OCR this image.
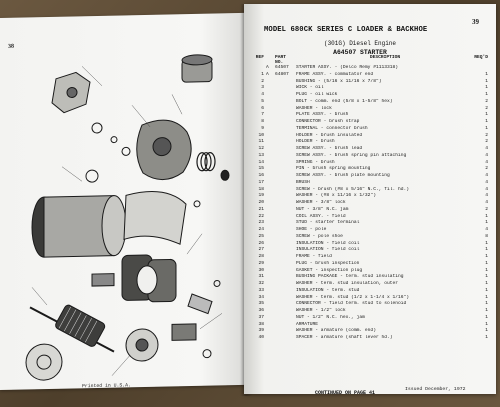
38
Printed in U.S.A.
MODEL 680CK SERIES C LOADER & BACKHOE
39
(301G) Diesel Engine
A64507 STARTER
REF	PART NO.
DESCRIPTION	REQ'D
A	64507	STARTER ASSY. - (Delco Remy #1113318)
1 A	64807	FRAME ASSY. - commutator end	1
2	BUSHING - (5/16 x 11/16 x 7/8")	1
3	WICK - oil	1
4	PLUG - oil wick	1
5	BOLT - comm. end (5/8 x 1-5/8" hex)	2
6	WASHER - lock	2
7	PLATE ASSY. - brush	1
8	CONNECTOR - brush strap	1
9	TERMINAL - connector brush	1
10	HOLDER - brush insulated	2
11	HOLDER - brush	2
12	SCREW ASSY. - brush lead	4
13	SCREW ASSY. - brush spring pin attaching	4
14	SPRING - brush	4
15	PIN - brush spring mounting	2
16	SCREW ASSY. - brush plate mounting	4
17	BRUSH	4
18	SCREW - brush (#8 x 5/16" N.C., fil. hd.)	4
19	WASHER - (#8 x 11/16 x 1/32")	4
20	WASHER - 3/8" lock	4
21	NUT - 3/8" N.C. jam	2
22	COIL ASSY. - field	1
23	STUD - starter terminal	1
24	SHOE - pole	4
25	SCREW - pole shoe	8
26	INSULATION - field coil	1
27	INSULATION - field coil	1
28	FRAME - field	1
29	PLUG - brush inspection	1
30	GASKET - inspection plug	1
31	BUSHING PACKAGE - term. stud insulating	1
32	WASHER - term. stud insulation, outer	1
33	INSULATION - term. stud	1
34	WASHER - term. stud (1/2 x 1-1/4 x 1/16")	1
35	CONNECTOR - field term. stud to solenoid	1
36	WASHER - 1/2" lock	1
37	NUT - 1/2" N.C. hex., jam	1
38	ARMATURE	1
39	WASHER - armature (comm. end)	1
40	SPACER - armature (shaft lever hd.)	1
CONTINUED ON PAGE 41
Issued December, 1972
